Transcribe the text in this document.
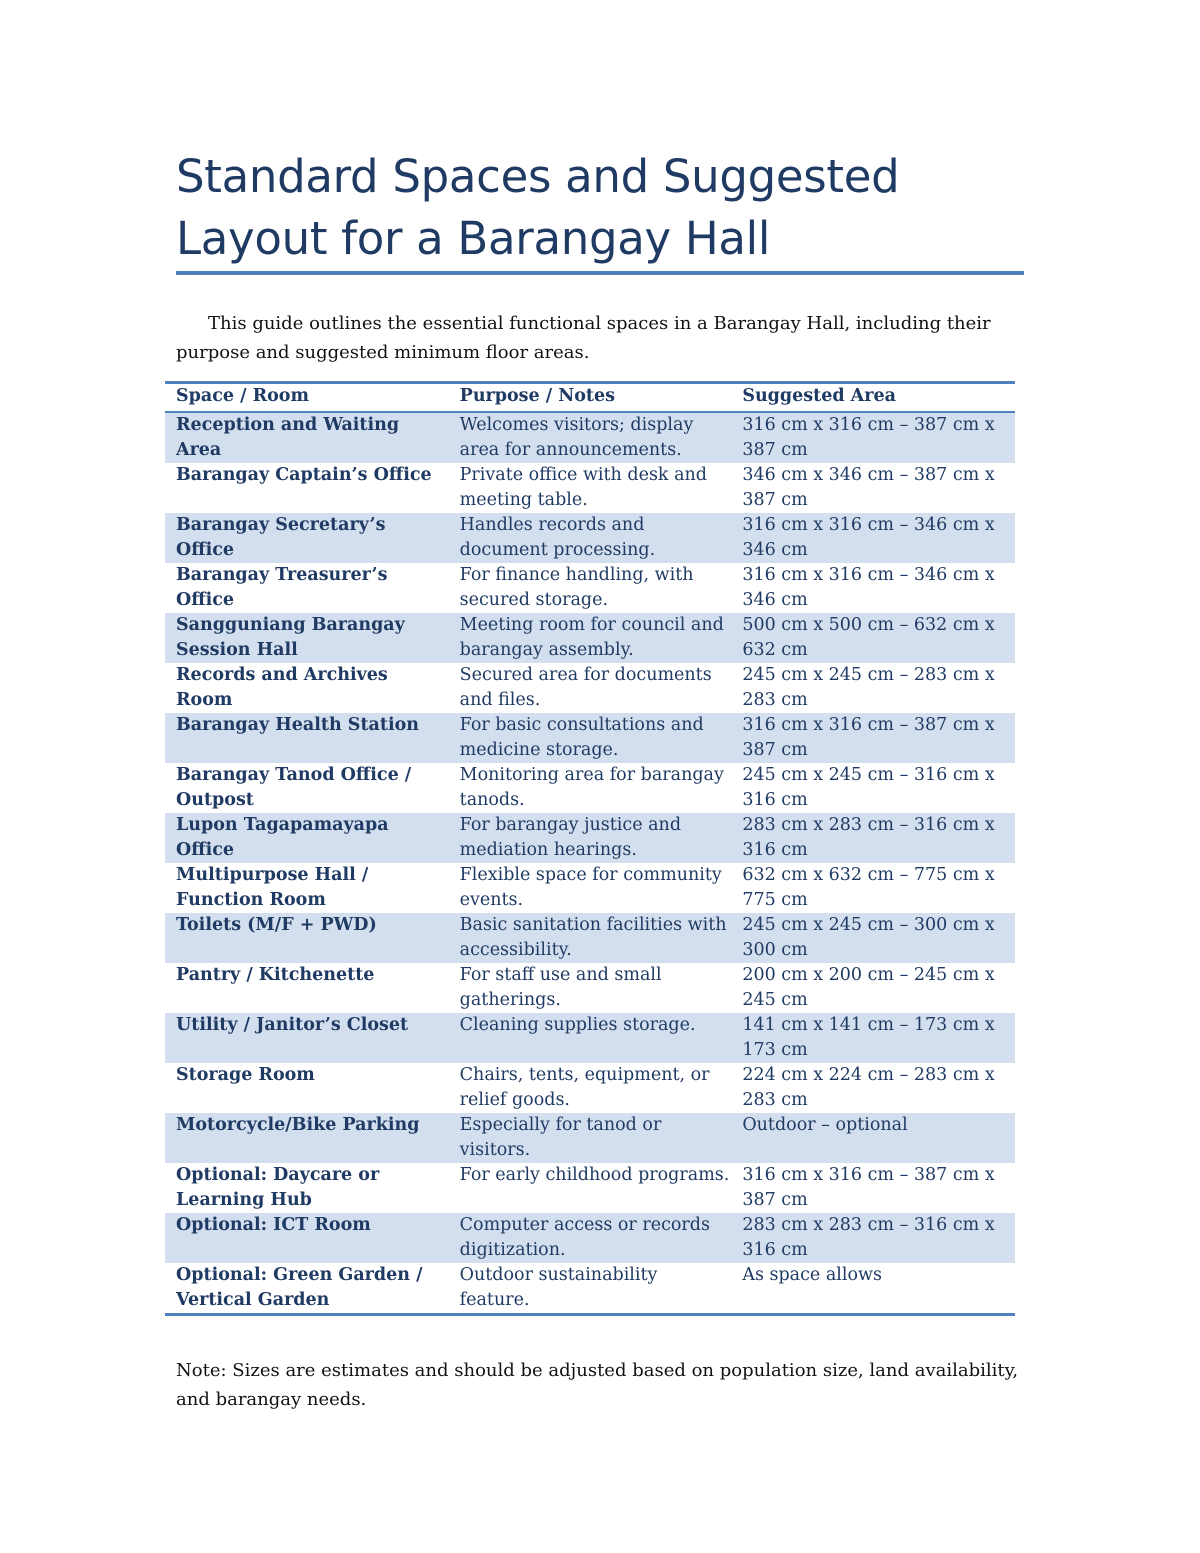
Standard Spaces and Suggested Layout for a Barangay Hall

This guide outlines the essential functional spaces in a Barangay Hall, including their purpose and suggested minimum floor areas.

Space / Room	Purpose / Notes	Suggested Area
Reception and Waiting Area	Welcomes visitors; display area for announcements.	316 cm x 316 cm – 387 cm x 387 cm
Barangay Captain’s Office	Private office with desk and meeting table.	346 cm x 346 cm – 387 cm x 387 cm
Barangay Secretary’s Office	Handles records and document processing.	316 cm x 316 cm – 346 cm x 346 cm
Barangay Treasurer’s Office	For finance handling, with secured storage.	316 cm x 316 cm – 346 cm x 346 cm
Sangguniang Barangay Session Hall	Meeting room for council and barangay assembly.	500 cm x 500 cm – 632 cm x 632 cm
Records and Archives Room	Secured area for documents and files.	245 cm x 245 cm – 283 cm x 283 cm
Barangay Health Station	For basic consultations and medicine storage.	316 cm x 316 cm – 387 cm x 387 cm
Barangay Tanod Office / Outpost	Monitoring area for barangay tanods.	245 cm x 245 cm – 316 cm x 316 cm
Lupon Tagapamayapa Office	For barangay justice and mediation hearings.	283 cm x 283 cm – 316 cm x 316 cm
Multipurpose Hall / Function Room	Flexible space for community events.	632 cm x 632 cm – 775 cm x 775 cm
Toilets (M/F + PWD)	Basic sanitation facilities with accessibility.	245 cm x 245 cm – 300 cm x 300 cm
Pantry / Kitchenette	For staff use and small gatherings.	200 cm x 200 cm – 245 cm x 245 cm
Utility / Janitor’s Closet	Cleaning supplies storage.	141 cm x 141 cm – 173 cm x 173 cm
Storage Room	Chairs, tents, equipment, or relief goods.	224 cm x 224 cm – 283 cm x 283 cm
Motorcycle/Bike Parking	Especially for tanod or visitors.	Outdoor – optional
Optional: Daycare or Learning Hub	For early childhood programs.	316 cm x 316 cm – 387 cm x 387 cm
Optional: ICT Room	Computer access or records digitization.	283 cm x 283 cm – 316 cm x 316 cm
Optional: Green Garden / Vertical Garden	Outdoor sustainability feature.	As space allows

Note: Sizes are estimates and should be adjusted based on population size, land availability, and barangay needs.
